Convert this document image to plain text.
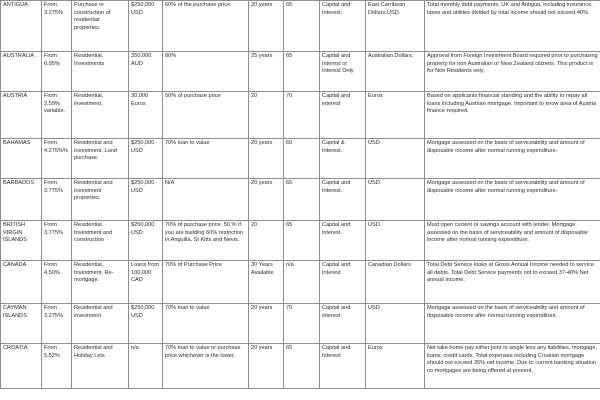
ANTIGUA	From 3.275%	Purchase or construction of residential properties.	$250,000 USD	60% of the purchase price.	20 years	65	Capital and Interest.	East Carribean Dollars,USD.	Total monthly debt payments, UK and Antigua, including insurance, taxes and utilities divided by total income should not exceed 40%.
AUSTRALIA	From 6.95%	Residential, Investments	350,000 AUD	80%	25 years	65	Capital and Interest or Interest Only	Australian Dollars.	Approval from Foreign Investment Board required prior to purchasing property for non Australian or New Zealand citizens. This product is for Non Residents only.
AUSTRIA	From 2.59% variable.	Residential, investment.	30,000 Euros	50% of purchase price	20	70	Capital and interest	Euros	Based on applicants financial standing and the ability to repay all loans including Austrian mortgage. Important to know area of Austria finance required.
BAHAMAS	From 4.275%%	Residential and Investment. Land purchase.	$250,000 USD	70% loan to value	20 years	60	Capital & Interest.	USD	Mortgage assessed on the basis of serviceability and amount of disposable income after normal running expenditure.
BARBADOS	From 3.775%	Residential and Investment properties.	$250,000 USD	N/A	20 years	65	Capital and Interest.	USD.	Mortgage assessed on the basis of serviceability and amount of disposable income after normal running expenditure.
BRITISH VIRGIN ISLANDS	From 3.775%	Residential, Investment and construction	$250,000 USD	70% of purchase price. 50 % if you are building 60% restriction in Anguilla, St Kitts and Nevis.	20	65	Capital and interest.	USD.	Must open current or savings account with lender. Mortgage assessed on the basis of serviceability and amount of disposable income after normal running expenditure.
CANADA	From 4.50%	Residential, Investment, Re-mortgage.	Loans from 100,000 CAD	70% of Purchase Price	30 Years Available	n/a	Capital and Interest	Canadian Dollars	Total Debt Service looks at Gross Annual Income needed to service all debts. Total Debt Service payments not to exceed 37-40% Net annual income.
CAYMAN ISLANDS	From 3.275%	Residential and investment	$250,000 USD	70% loan to value	20 years	70	Capital and interest.	USD	Mortgage assessed on the basis of serviceability and amount of disposable income after normal running expenditure.
CROATIA	From 5.52%	Residential and Holiday Lets	n/a	70% loan to value or purchase price whichever is the lower.	20 years	65	Capital and Interest	Euros	Net take home pay either joint or single less any liabilities, mortgage, loans, credit cards. Total expenses including Croatian mortgage should not exceed 35% net income. Due to current banking situation no mortgages are being offered at present.
